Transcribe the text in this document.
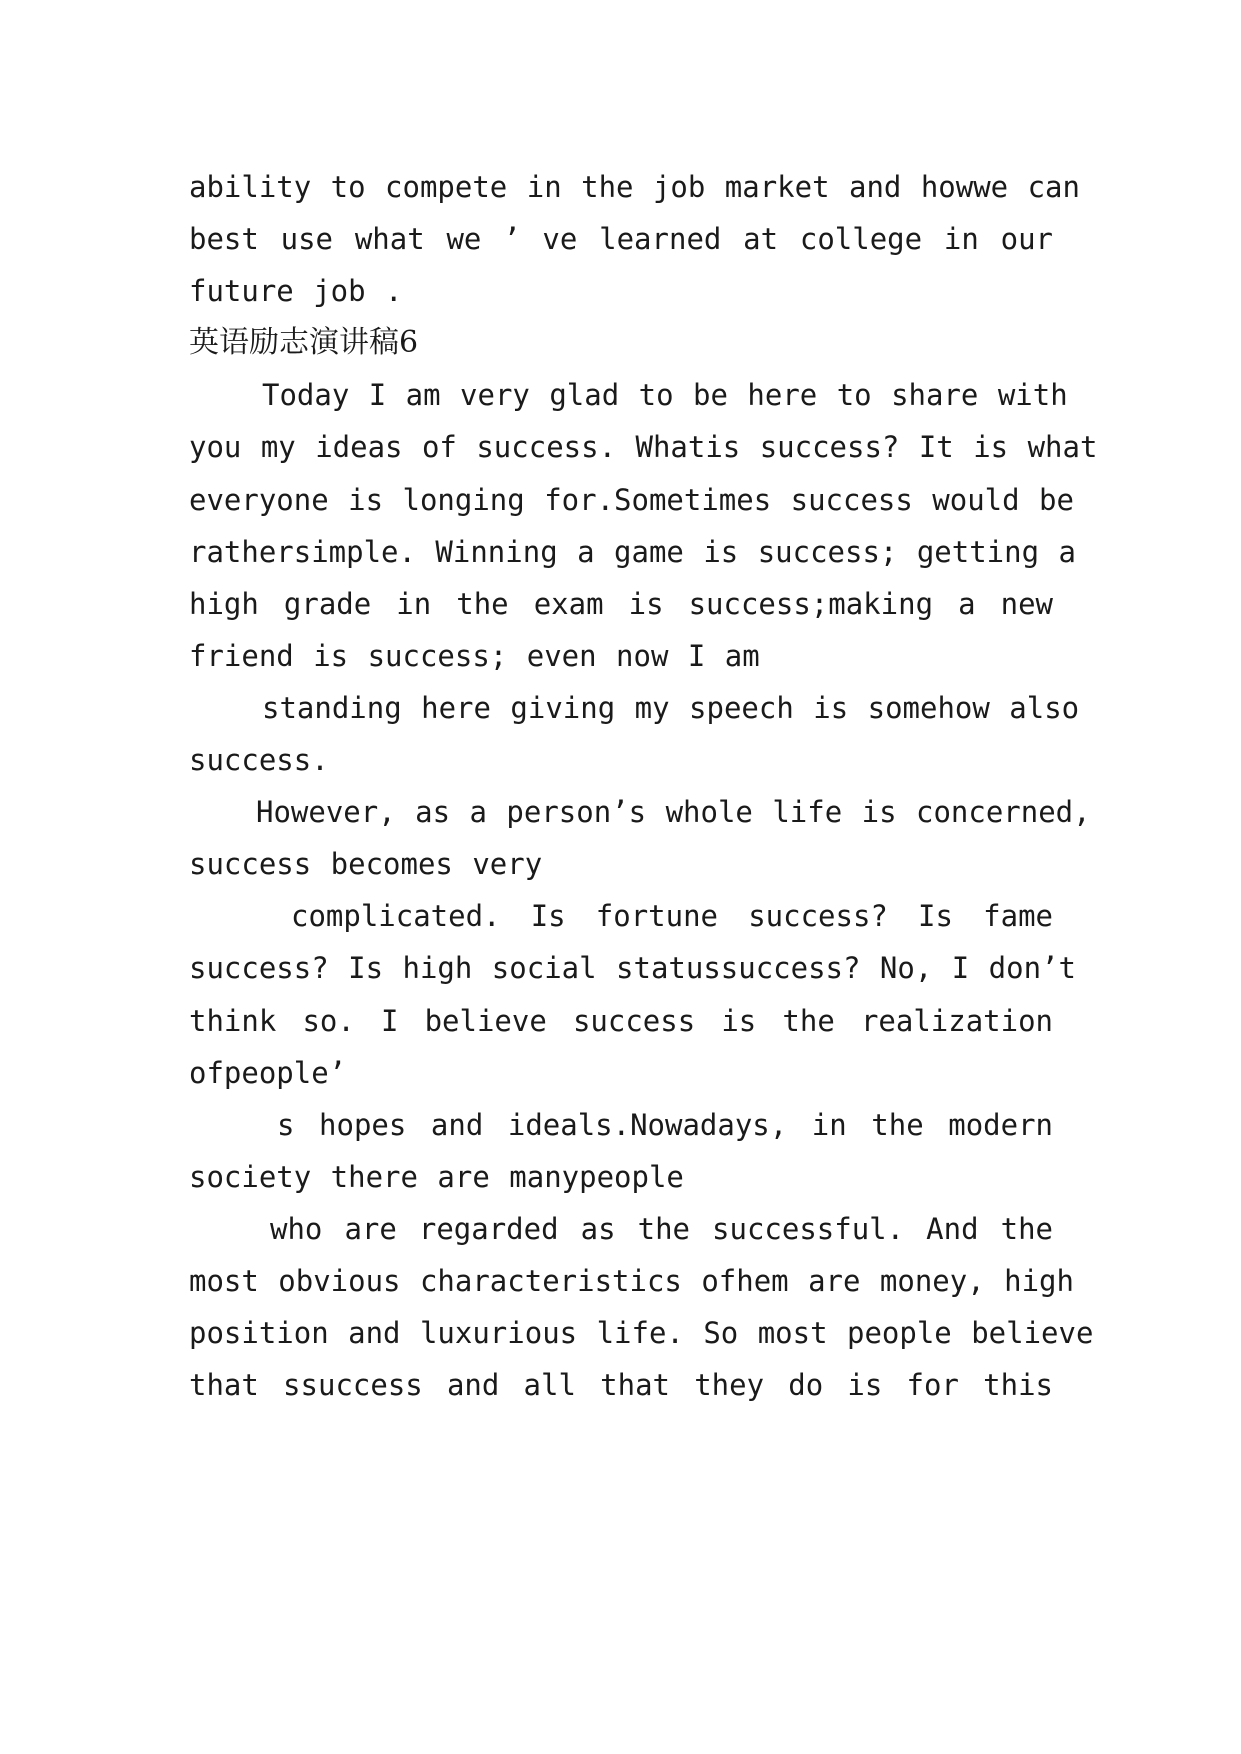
ability to compete in the job market and howwe can
best use what we ’ ve learned at college in our
future job .
英语励志演讲稿6
Today I am very glad to be here to share with
you my ideas of success. Whatis success? It is what
everyone is longing for.Sometimes success would be
rathersimple. Winning a game is success; getting a
high grade in the exam is success;making a new
friend is success; even now I am
standing here giving my speech is somehow also
success.
However, as a person’s whole life is concerned,
success becomes very
complicated. Is fortune success? Is fame
success? Is high social statussuccess? No, I don’t
think so. I believe success is the realization
ofpeople’
s hopes and ideals.Nowadays, in the modern
society there are manypeople
who are regarded as the successful. And the
most obvious characteristics ofhem are money, high
position and luxurious life. So most people believe
that ssuccess and all that they do is for this
